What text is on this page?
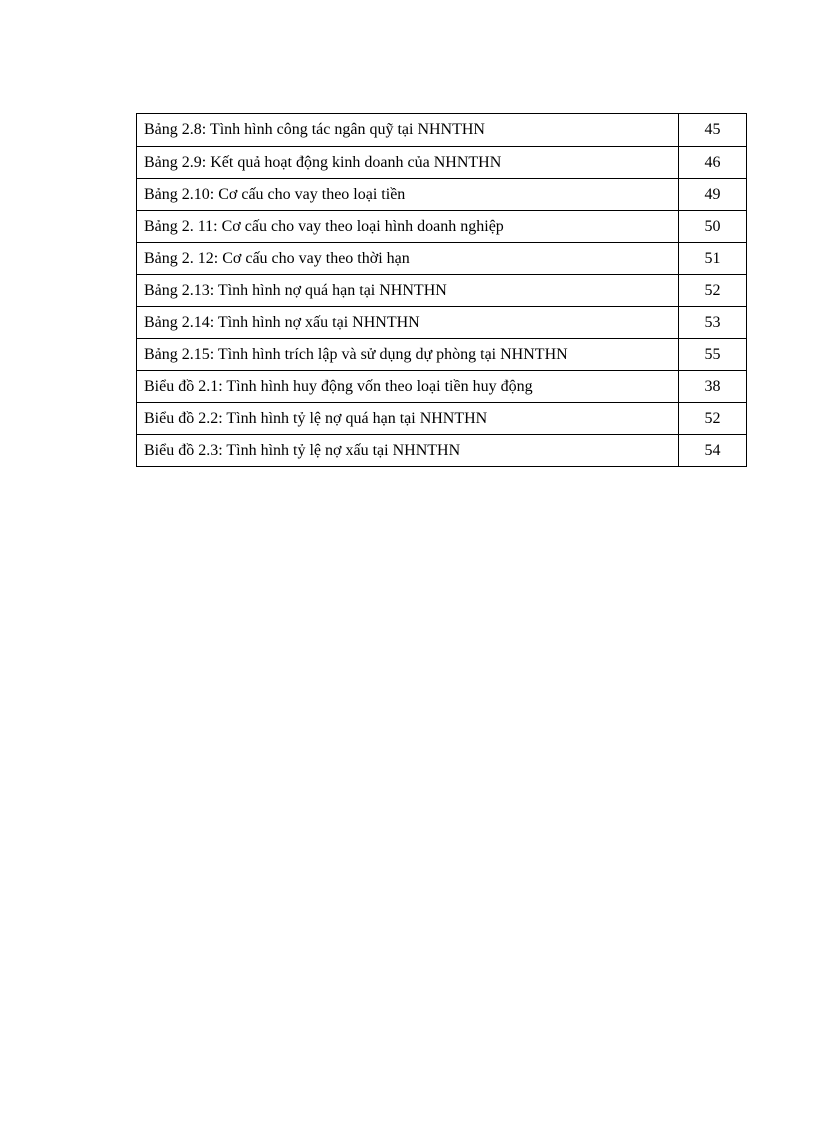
Bảng 2.8: Tình hình công tác ngân quỹ tại NHNTHN	45
Bảng 2.9: Kết quả hoạt động kinh doanh của NHNTHN	46
Bảng 2.10: Cơ cấu cho vay theo loại tiền	49
Bảng 2. 11: Cơ cấu cho vay theo loại hình doanh nghiệp	50
Bảng 2. 12: Cơ cấu cho vay theo thời hạn	51
Bảng 2.13: Tình hình nợ quá hạn tại NHNTHN	52
Bảng 2.14: Tình hình nợ xấu tại NHNTHN	53
Bảng 2.15: Tình hình trích lập và sử dụng dự phòng tại NHNTHN	55
Biểu đồ 2.1: Tình hình huy động vốn theo loại tiền huy động	38
Biểu đồ 2.2: Tình hình tỷ lệ nợ quá hạn tại NHNTHN	52
Biểu đồ 2.3: Tình hình tỷ lệ nợ xấu tại NHNTHN	54
